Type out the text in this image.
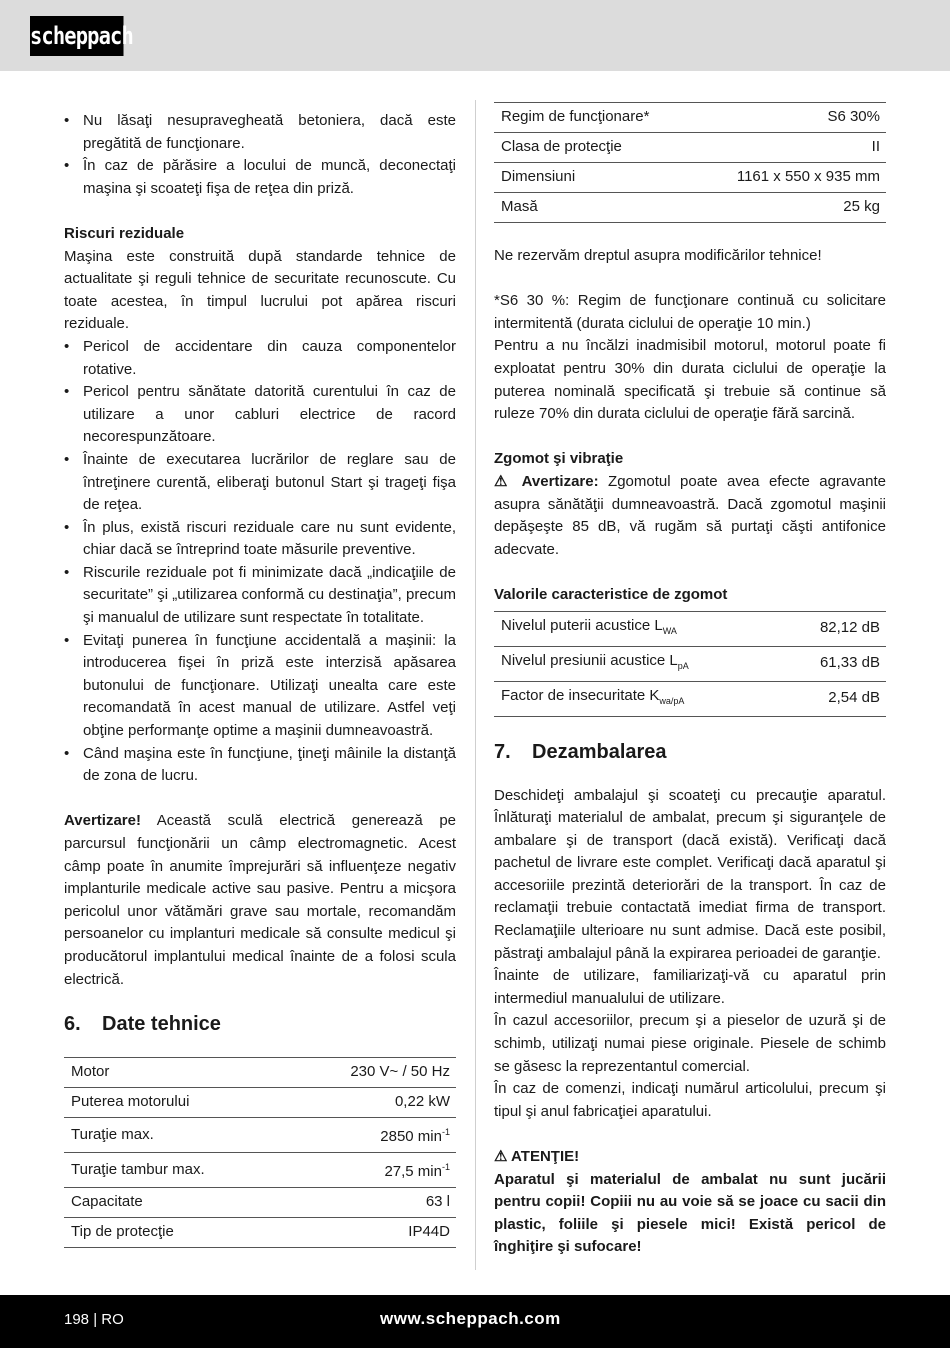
scheppach
• Nu lăsaţi nesupravegheată betoniera, dacă este pregătită de funcţionare.
• În caz de părăsire a locului de muncă, deconectaţi maşina şi scoateţi fişa de reţea din priză.

Riscuri reziduale

Maşina este construită după standarde tehnice de actualitate şi reguli tehnice de securitate recunoscute. Cu toate acestea, în timpul lucrului pot apărea riscuri reziduale.

• Pericol de accidentare din cauza componentelor rotative.
• Pericol pentru sănătate datorită curentului în caz de utilizare a unor cabluri electrice de racord necorespunzătoare.
• Înainte de executarea lucrărilor de reglare sau de întreţinere curentă, eliberaţi butonul Start şi trageţi fişa de reţea.
• În plus, există riscuri reziduale care nu sunt evidente, chiar dacă se întreprind toate măsurile preventive.
• Riscurile reziduale pot fi minimizate dacă „indicaţiile de securitate” şi „utilizarea conformă cu destinaţia”, precum şi manualul de utilizare sunt respectate în totalitate.
• Evitaţi punerea în funcţiune accidentală a maşinii: la introducerea fişei în priză este interzisă apăsarea butonului de funcţionare. Utilizaţi unealta care este recomandată în acest manual de utilizare. Astfel veţi obţine performanţe optime a maşinii dumneavoastră.
• Când maşina este în funcţiune, ţineţi mâinile la distanţă de zona de lucru.

Avertizare! Această sculă electrică generează pe parcursul funcţionării un câmp electromagnetic. Acest câmp poate în anumite împrejurări să influenţeze negativ implanturile medicale active sau pasive. Pentru a micşora pericolul unor vătămări grave sau mortale, recomandăm persoanelor cu implanturi medicale să consulte medicul şi producătorul implantului medical înainte de a folosi scula electrică.

6.	Date tehnice
Motor	230 V~ / 50 Hz
Puterea motorului	0,22 kW
Turaţie max.	2850 $\min^{-1}$
Turaţie tambur max.	27,5 $\min^{-1}$
Capacitate	63 l
Tip de protecţie	IP44D
Regim de funcţionare*	S6 30%
Clasa de protecţie	II
Dimensiuni	1161 x 550 x 935 mm
Masă	25 kg

Ne rezervăm dreptul asupra modificărilor tehnice!

*S6 30 %: Regim de funcţionare continuă cu solicitare intermitentă (durata ciclului de operaţie 10 min.)

Pentru a nu încălzi inadmisibil motorul, motorul poate fi exploatat pentru 30% din durata ciclului de operaţie la puterea nominală specificată şi trebuie să continue să ruleze 70% din durata ciclului de operaţie fără sarcină.

Zgomot şi vibraţie

⚠ Avertizare: Zgomotul poate avea efecte agravante asupra sănătăţii dumneavoastră. Dacă zgomotul maşinii depăşeşte 85 dB, vă rugăm să purtaţi căşti antifonice adecvate.

Valorile caracteristice de zgomot

Nivelul puterii acustice $L_{WA}$	82,12 dB
Nivelul presiunii acustice $L_{pA}$	61,33 dB
Factor de insecuritate $K_{wa/pA}$	2,54 dB
7.	Dezambalarea

Deschideţi ambalajul şi scoateţi cu precauţie aparatul. Înlăturaţi materialul de ambalat, precum şi siguranţele de ambalare şi de transport (dacă există). Verificaţi dacă pachetul de livrare este complet. Verificaţi dacă aparatul şi accesoriile prezintă deteriorări de la transport. În caz de reclamaţii trebuie contactată imediat firma de transport. Reclamaţiile ulterioare nu sunt admise. Dacă este posibil, păstraţi ambalajul până la expirarea perioadei de garanţie.

Înainte de utilizare, familiarizaţi-vă cu aparatul prin intermediul manualului de utilizare.

În cazul accesoriilor, precum şi a pieselor de uzură şi de schimb, utilizaţi numai piese originale. Piesele de schimb se găsesc la reprezentantul comercial.

În caz de comenzi, indicaţi numărul articolului, precum şi tipul şi anul fabricaţiei aparatului.

⚠ ATENŢIE!

Aparatul şi materialul de ambalat nu sunt jucării pentru copii! Copiii nu au voie să se joace cu sacii din plastic, foliile şi piesele mici! Există pericol de înghiţire şi sufocare!

198 | RO	www.scheppach.com
